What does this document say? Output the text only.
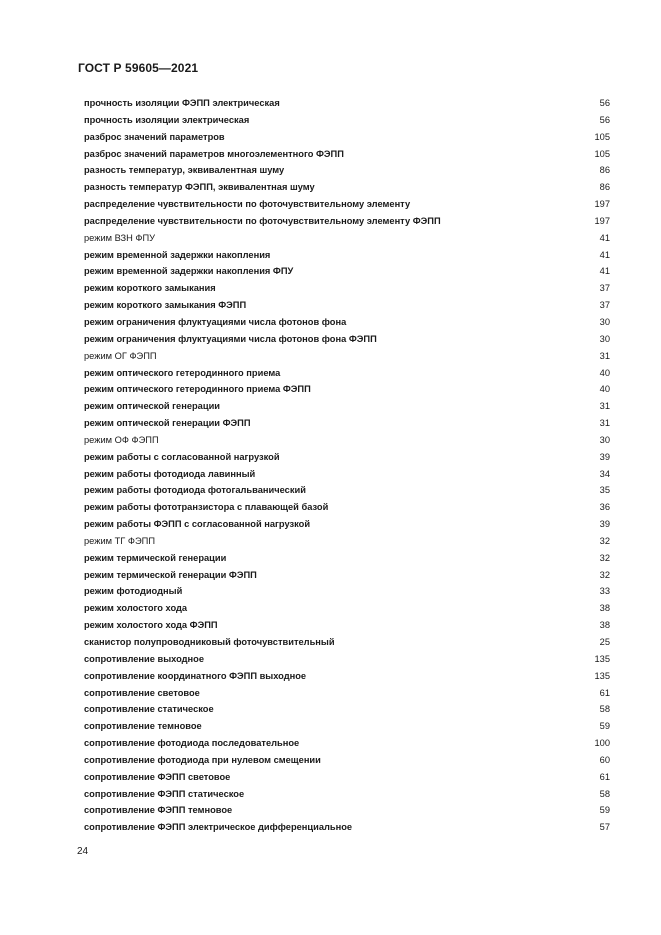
ГОСТ Р 59605—2021
прочность изоляции ФЭПП электрическая	56
прочность изоляции электрическая	56
разброс значений параметров	105
разброс значений параметров многоэлементного ФЭПП	105
разность температур, эквивалентная шуму	86
разность температур ФЭПП, эквивалентная шуму	86
распределение чувствительности по фоточувствительному элементу	197
распределение чувствительности по фоточувствительному элементу ФЭПП	197
режим ВЗН ФПУ	41
режим временной задержки накопления	41
режим временной задержки накопления ФПУ	41
режим короткого замыкания	37
режим короткого замыкания ФЭПП	37
режим ограничения флуктуациями числа фотонов фона	30
режим ограничения флуктуациями числа фотонов фона ФЭПП	30
режим ОГ ФЭПП	31
режим оптического гетеродинного приема	40
режим оптического гетеродинного приема ФЭПП	40
режим оптической генерации	31
режим оптической генерации ФЭПП	31
режим ОФ ФЭПП	30
режим работы с согласованной нагрузкой	39
режим работы фотодиода лавинный	34
режим работы фотодиода фотогальванический	35
режим работы фототранзистора с плавающей базой	36
режим работы ФЭПП с согласованной нагрузкой	39
режим ТГ ФЭПП	32
режим термической генерации	32
режим термической генерации ФЭПП	32
режим фотодиодный	33
режим холостого хода	38
режим холостого хода ФЭПП	38
сканистор полупроводниковый фоточувствительный	25
сопротивление выходное	135
сопротивление координатного ФЭПП выходное	135
сопротивление световое	61
сопротивление статическое	58
сопротивление темновое	59
сопротивление фотодиода последовательное	100
сопротивление фотодиода при нулевом смещении	60
сопротивление ФЭПП световое	61
сопротивление ФЭПП статическое	58
сопротивление ФЭПП темновое	59
сопротивление ФЭПП электрическое дифференциальное	57
24
